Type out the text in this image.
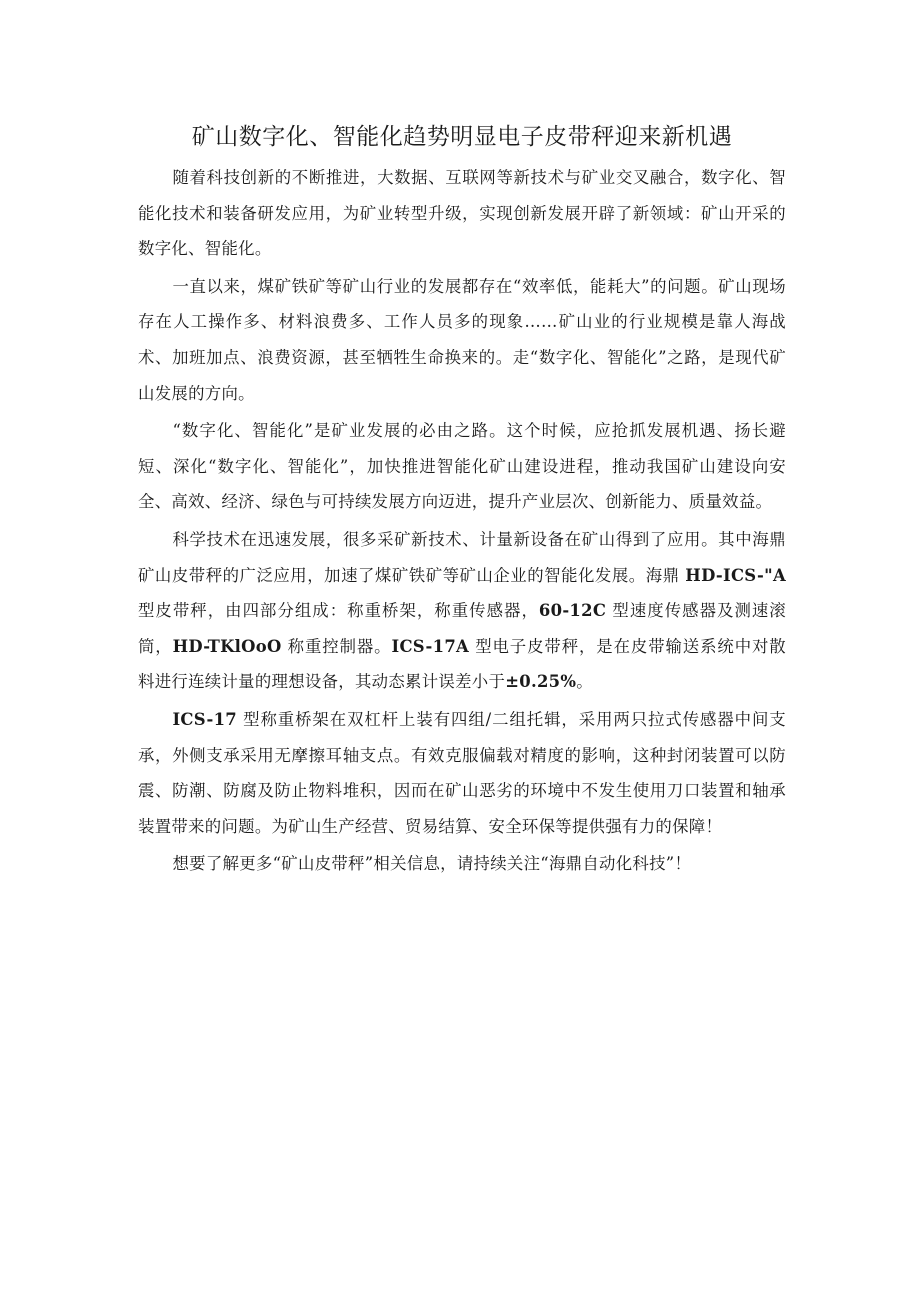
矿山数字化、智能化趋势明显电子皮带秤迎来新机遇

随着科技创新的不断推进，大数据、互联网等新技术与矿业交叉融合，数字化、智能化技术和装备研发应用，为矿业转型升级，实现创新发展开辟了新领域：矿山开采的数字化、智能化。

一直以来，煤矿铁矿等矿山行业的发展都存在“效率低，能耗大”的问题。矿山现场存在人工操作多、材料浪费多、工作人员多的现象……矿山业的行业规模是靠人海战术、加班加点、浪费资源，甚至牺牲生命换来的。走“数字化、智能化”之路，是现代矿山发展的方向。

“数字化、智能化”是矿业发展的必由之路。这个时候，应抢抓发展机遇、扬长避短、深化“数字化、智能化”，加快推进智能化矿山建设进程，推动我国矿山建设向安全、高效、经济、绿色与可持续发展方向迈进，提升产业层次、创新能力、质量效益。

科学技术在迅速发展，很多采矿新技术、计量新设备在矿山得到了应用。其中海鼎矿山皮带秤的广泛应用，加速了煤矿铁矿等矿山企业的智能化发展。海鼎 HD-ICS-"A 型皮带秤，由四部分组成：称重桥架，称重传感器，60-12C 型速度传感器及测速滚筒，HD-TKlOoO 称重控制器。ICS-17A 型电子皮带秤，是在皮带输送系统中对散料进行连续计量的理想设备，其动态累计误差小于±0.25%。

ICS-17 型称重桥架在双杠杆上装有四组/二组托辑，采用两只拉式传感器中间支承，外侧支承采用无摩擦耳轴支点。有效克服偏载对精度的影响，这种封闭装置可以防震、防潮、防腐及防止物料堆积，因而在矿山恶劣的环境中不发生使用刀口装置和轴承装置带来的问题。为矿山生产经营、贸易结算、安全环保等提供强有力的保障！

想要了解更多“矿山皮带秤”相关信息，请持续关注“海鼎自动化科技”！
